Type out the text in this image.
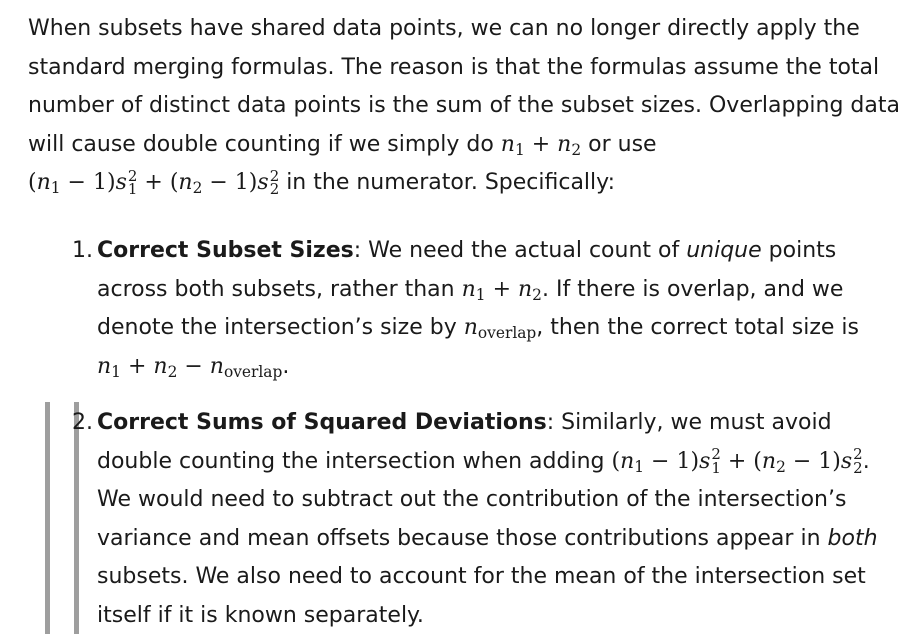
When subsets have shared data points, we can no longer directly apply the standard merging formulas. The reason is that the formulas assume the total number of distinct data points is the sum of the subset sizes. Overlapping data will cause double counting if we simply do $n_1 + n_2$ or use $(n_1 - 1)s$ 2
$1 + (n_2 - 1)s$ 2
2 in the numerator. Specifically:

1. Correct Subset Sizes: We need the actual count of unique points across both subsets, rather than $n_1 + n_2$. If there is overlap, and we denote the intersection’s size by $n_{overlap}$, then the correct total size is $n_1 + n_2 - n_{overlap}$.
2. Correct Sums of Squared Deviations: Similarly, we must avoid double counting the intersection when adding $(n_1 - 1)s$ 2
$1 + (n_2 - 1)s$ 2
2 . We would need to subtract out the contribution of the intersection’s variance and mean offsets because those contributions appear in both subsets. We also need to account for the mean of the intersection set itself if it is known separately.
